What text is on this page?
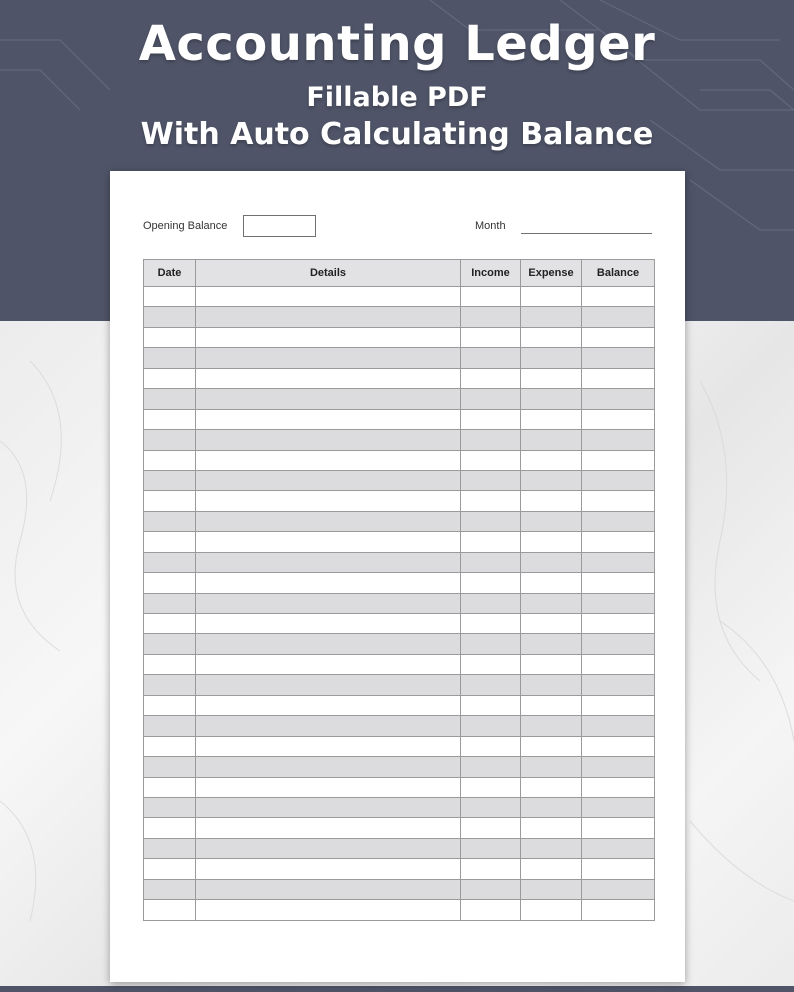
Accounting Ledger
Fillable PDF
With Auto Calculating Balance
Opening Balance	Month
Date	Details	Income	Expense	Balance
